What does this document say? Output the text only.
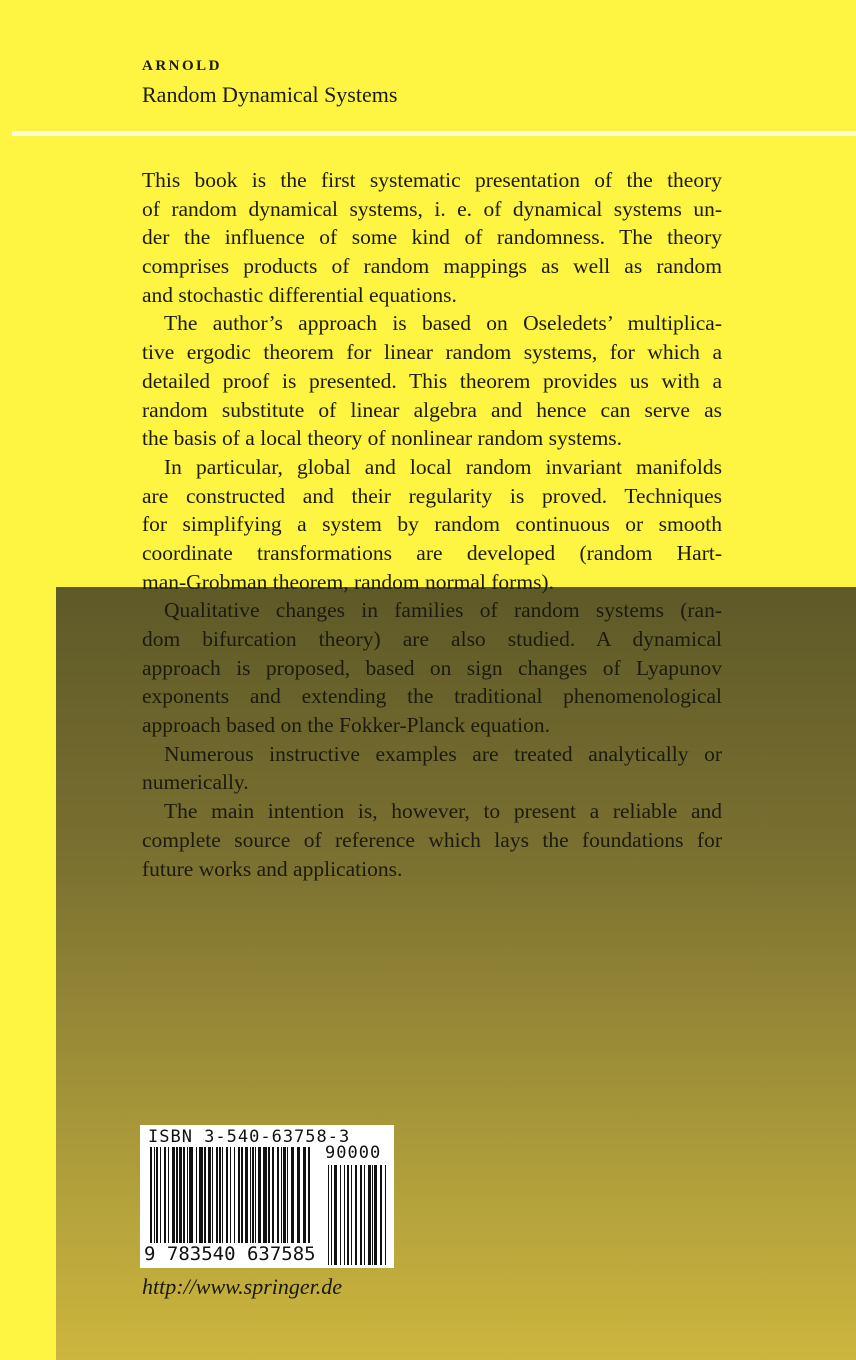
ARNOLD
Random Dynamical Systems
This book is the first systematic presentation of the theory
of random dynamical systems, i. e. of dynamical systems un-
der the influence of some kind of randomness. The theory
comprises products of random mappings as well as random
and stochastic differential equations.
The author’s approach is based on Oseledets’ multiplica-
tive ergodic theorem for linear random systems, for which a
detailed proof is presented. This theorem provides us with a
random substitute of linear algebra and hence can serve as
the basis of a local theory of nonlinear random systems.
In particular, global and local random invariant manifolds
are constructed and their regularity is proved. Techniques
for simplifying a system by random continuous or smooth
coordinate transformations are developed (random Hart-
man-Grobman theorem, random normal forms).
Qualitative changes in families of random systems (ran-
dom bifurcation theory) are also studied. A dynamical
approach is proposed, based on sign changes of Lyapunov
exponents and extending the traditional phenomenological
approach based on the Fokker-Planck equation.
Numerous instructive examples are treated analytically or
numerically.
The main intention is, however, to present a reliable and
complete source of reference which lays the foundations for
future works and applications.
ISBN 3-540-63758-3
90000
9 783540 637585
http://www.springer.de
